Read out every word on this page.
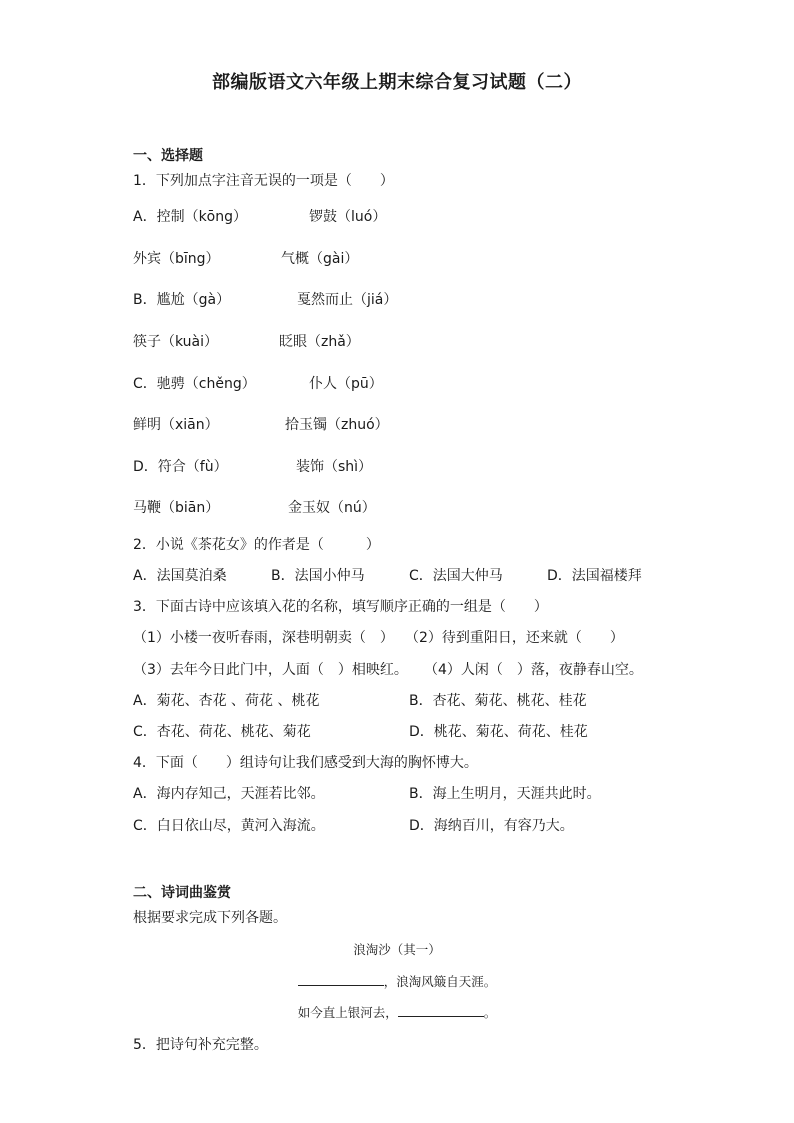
部编版语文六年级上期末综合复习试题（二）
一、选择题
1．下列加点字注音无误的一项是（　　）
A．控制（kōng）	锣鼓（luó）
外宾（bīng）	气概（gài）
B．尴尬（gà）	戛然而止（jiá）
筷子（kuài）	眨眼（zhǎ）
C．驰骋（chěng）	仆人（pū）
鲜明（xiān）	拾玉镯（zhuó）
D．符合（fù）	装饰（shì）
马鞭（biān）	金玉奴（nú）
2．小说《茶花女》的作者是（　　　）
A．法国莫泊桑	B．法国小仲马	C．法国大仲马	D．法国福楼拜
3．下面古诗中应该填入花的名称，填写顺序正确的一组是（　　）
（1）小楼一夜听春雨，深巷明朝卖（　） （2）待到重阳日，还来就（　　）
（3）去年今日此门中，人面（　）相映红。 （4）人闲（　）落，夜静春山空。
A．菊花、杏花 、荷花 、桃花	B．杏花、菊花、桃花、桂花
C．杏花、荷花、桃花、菊花	D．桃花、菊花、荷花、桂花
4．下面（　　）组诗句让我们感受到大海的胸怀博大。
A．海内存知己，天涯若比邻。	B．海上生明月，天涯共此时。
C．白日依山尽，黄河入海流。	D．海纳百川，有容乃大。
二、诗词曲鉴赏
根据要求完成下列各题。
浪淘沙（其一）
，浪淘风簸自天涯。
如今直上银河去，	。
5．把诗句补充完整。
